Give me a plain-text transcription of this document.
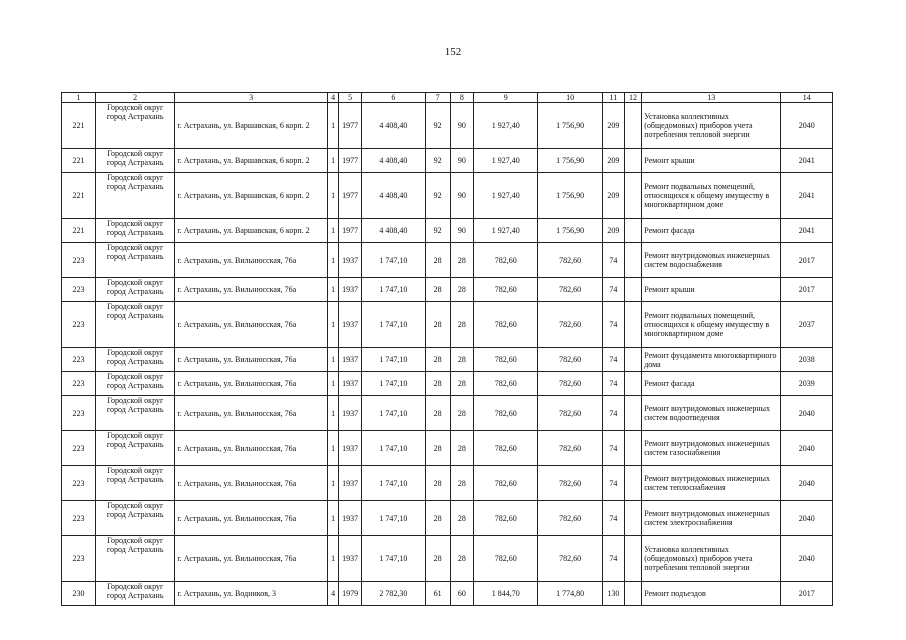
152
1	2	3	4	5	6	7	8	9	10	11	12	13	14
221	Городской округ город Астрахань	г. Астрахань, ул. Варшавская, 6 корп. 2	1	1977	4 408,40	92	90	1 927,40	1 756,90	209		Установка коллективных (общедомовых) приборов учета потребления тепловой энергии	2040
221	Городской округ город Астрахань	г. Астрахань, ул. Варшавская, 6 корп. 2	1	1977	4 408,40	92	90	1 927,40	1 756,90	209		Ремонт крыши	2041
221	Городской округ город Астрахань	г. Астрахань, ул. Варшавская, 6 корп. 2	1	1977	4 408,40	92	90	1 927,40	1 756,90	209		Ремонт подвальных помещений, относящихся к общему имуществу в многоквартирном доме	2041
221	Городской округ город Астрахань	г. Астрахань, ул. Варшавская, 6 корп. 2	1	1977	4 408,40	92	90	1 927,40	1 756,90	209		Ремонт фасада	2041
223	Городской округ город Астрахань	г. Астрахань, ул. Вильнюсская, 76а	1	1937	1 747,10	28	28	782,60	782,60	74		Ремонт внутридомовых инженерных систем водоснабжения	2017
223	Городской округ город Астрахань	г. Астрахань, ул. Вильнюсская, 76а	1	1937	1 747,10	28	28	782,60	782,60	74		Ремонт крыши	2017
223	Городской округ город Астрахань	г. Астрахань, ул. Вильнюсская, 76а	1	1937	1 747,10	28	28	782,60	782,60	74		Ремонт подвальных помещений, относящихся к общему имуществу в многоквартирном доме	2037
223	Городской округ город Астрахань	г. Астрахань, ул. Вильнюсская, 76а	1	1937	1 747,10	28	28	782,60	782,60	74		Ремонт фундамента многоквартирного дома	2038
223	Городской округ город Астрахань	г. Астрахань, ул. Вильнюсская, 76а	1	1937	1 747,10	28	28	782,60	782,60	74		Ремонт фасада	2039
223	Городской округ город Астрахань	г. Астрахань, ул. Вильнюсская, 76а	1	1937	1 747,10	28	28	782,60	782,60	74		Ремонт внутридомовых инженерных систем водоотведения	2040
223	Городской округ город Астрахань	г. Астрахань, ул. Вильнюсская, 76а	1	1937	1 747,10	28	28	782,60	782,60	74		Ремонт внутридомовых инженерных систем газоснабжения	2040
223	Городской округ город Астрахань	г. Астрахань, ул. Вильнюсская, 76а	1	1937	1 747,10	28	28	782,60	782,60	74		Ремонт внутридомовых инженерных систем теплоснабжения	2040
223	Городской округ город Астрахань	г. Астрахань, ул. Вильнюсская, 76а	1	1937	1 747,10	28	28	782,60	782,60	74		Ремонт внутридомовых инженерных систем электроснабжения	2040
223	Городской округ город Астрахань	г. Астрахань, ул. Вильнюсская, 76а	1	1937	1 747,10	28	28	782,60	782,60	74		Установка коллективных (общедомовых) приборов учета потребления тепловой энергии	2040
230	Городской округ город Астрахань	г. Астрахань, ул. Водников, 3	4	1979	2 782,30	61	60	1 844,70	1 774,80	130		Ремонт подъездов	2017
